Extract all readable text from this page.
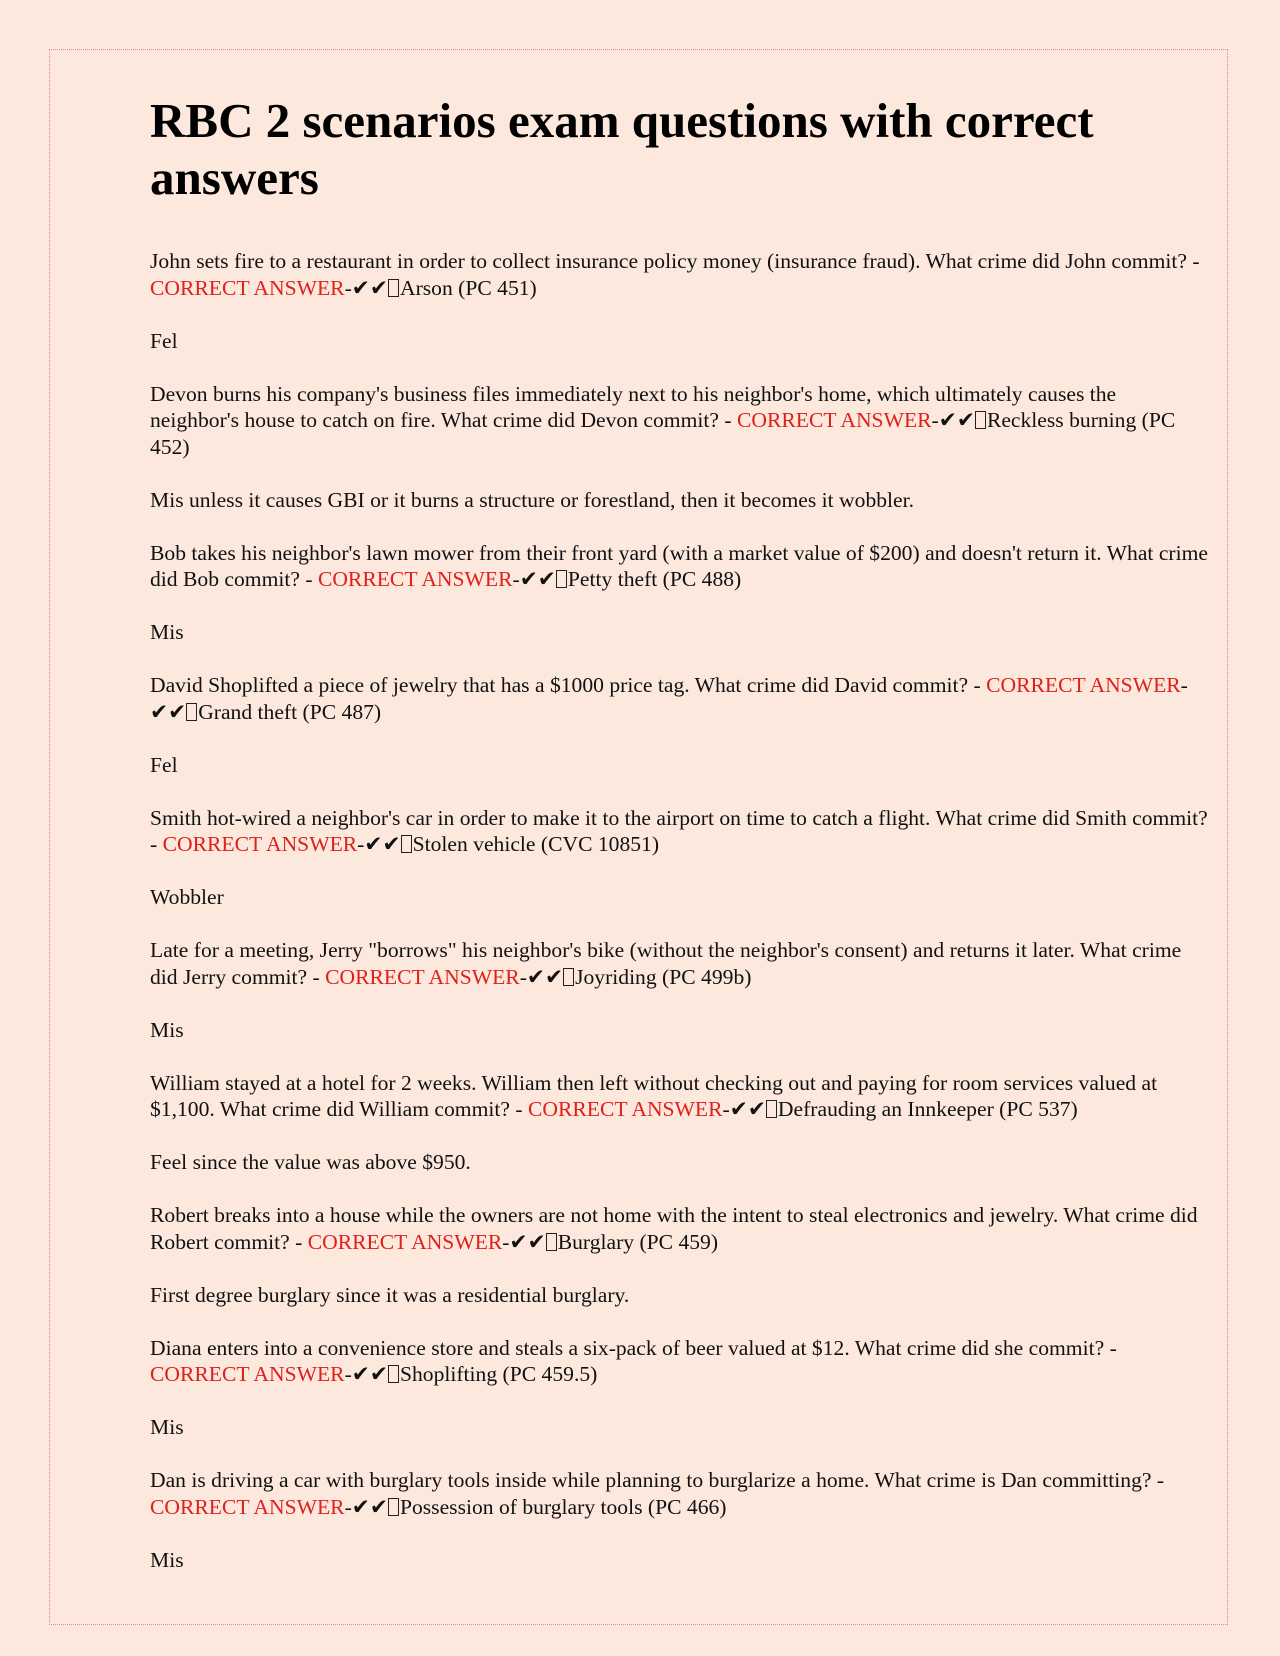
RBC 2 scenarios exam questions with correct answers

John sets fire to a restaurant in order to collect insurance policy money (insurance fraud). What crime did John commit? - CORRECT ANSWER-✔✔ Arson (PC 451)

Fel

Devon burns his company's business files immediately next to his neighbor's home, which ultimately causes the neighbor's house to catch on fire. What crime did Devon commit? - CORRECT ANSWER-✔✔ Reckless burning (PC 452)

Mis unless it causes GBI or it burns a structure or forestland, then it becomes it wobbler.

Bob takes his neighbor's lawn mower from their front yard (with a market value of $200) and doesn't return it. What crime did Bob commit? - CORRECT ANSWER-✔✔ Petty theft (PC 488)

Mis

David Shoplifted a piece of jewelry that has a $1000 price tag. What crime did David commit? - CORRECT ANSWER-✔✔ Grand theft (PC 487)

Fel

Smith hot-wired a neighbor's car in order to make it to the airport on time to catch a flight. What crime did Smith commit? - CORRECT ANSWER-✔✔ Stolen vehicle (CVC 10851)

Wobbler

Late for a meeting, Jerry "borrows" his neighbor's bike (without the neighbor's consent) and returns it later. What crime did Jerry commit? - CORRECT ANSWER-✔✔ Joyriding (PC 499b)

Mis

William stayed at a hotel for 2 weeks. William then left without checking out and paying for room services valued at $1,100. What crime did William commit? - CORRECT ANSWER-✔✔ Defrauding an Innkeeper (PC 537)

Feel since the value was above $950.

Robert breaks into a house while the owners are not home with the intent to steal electronics and jewelry. What crime did Robert commit? - CORRECT ANSWER-✔✔ Burglary (PC 459)

First degree burglary since it was a residential burglary.

Diana enters into a convenience store and steals a six-pack of beer valued at $12. What crime did she commit? - CORRECT ANSWER-✔✔ Shoplifting (PC 459.5)

Mis

Dan is driving a car with burglary tools inside while planning to burglarize a home. What crime is Dan committing? - CORRECT ANSWER-✔✔ Possession of burglary tools (PC 466)

Mis
